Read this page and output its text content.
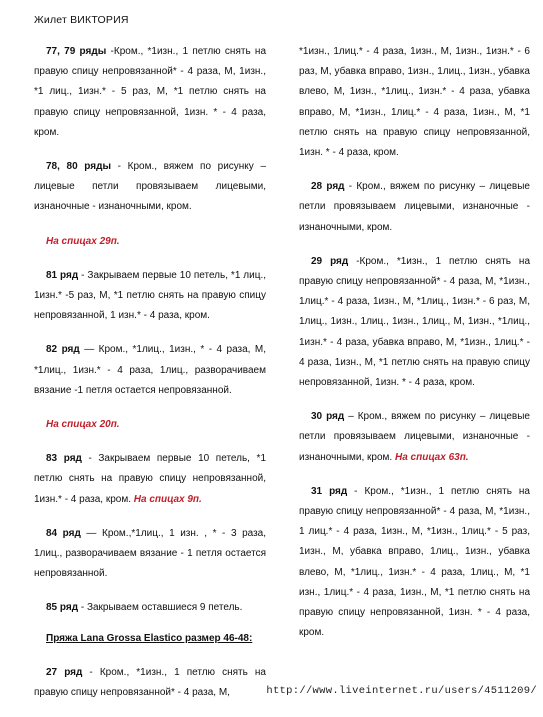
Жилет ВИКТОРИЯ

77, 79 ряды -Кром., *1изн., 1 петлю снять на правую спицу непровязанной* - 4 раза, М, 1изн., *1 лиц., 1изн.* - 5 раз, М, *1 петлю снять на правую спицу непровязанной, 1изн. * - 4 раза, кром.

78, 80 ряды - Кром., вяжем по рисунку – лицевые петли провязываем лицевыми, изнаночные - изнаночными, кром.

На спицах 29п.

81 ряд - Закрываем первые 10 петель, *1 лиц., 1изн.* -5 раз, М, *1 петлю снять на правую спицу непровязанной, 1 изн.* - 4 раза, кром.

82 ряд — Кром., *1лиц., 1изн., * - 4 раза, М, *1лиц., 1изн.* - 4 раза, 1лиц., разворачиваем вязание -1 петля остается непровязанной.

На спицах 20п.

83 ряд - Закрываем первые 10 петель, *1 петлю снять на правую спицу непровязанной, 1изн.* - 4 раза, кром. На спицах 9п.

84 ряд — Кром.,*1лиц., 1 изн. , * - 3 раза, 1лиц., разворачиваем вязание - 1 петля остается непровязанной.

85 ряд - Закрываем оставшиеся 9 петель.

Пряжа Lana Grossa Elastico размер 46-48:

27 ряд - Кром., *1изн., 1 петлю снять на правую спицу непровязанной* - 4 раза, М,

*1изн., 1лиц.* - 4 раза, 1изн., М, 1изн., 1изн.* - 6 раз, М, убавка вправо, 1изн., 1лиц., 1изн., убавка влево, М, 1изн., *1лиц., 1изн.* - 4 раза, убавка вправо, М, *1изн., 1лиц.* - 4 раза, 1изн., М, *1 петлю снять на правую спицу непровязанной, 1изн. * - 4 раза, кром.

28 ряд - Кром., вяжем по рисунку – лицевые петли провязываем лицевыми, изнаночные - изнаночными, кром.

29 ряд -Кром., *1изн., 1 петлю снять на правую спицу непровязанной* - 4 раза, М, *1изн., 1лиц.* - 4 раза, 1изн., М, *1лиц., 1изн.* - 6 раз, М, 1лиц., 1изн., 1лиц., 1изн., 1лиц., М, 1изн., *1лиц., 1изн.* - 4 раза, убавка вправо, М, *1изн., 1лиц.* - 4 раза, 1изн., М, *1 петлю снять на правую спицу непровязанной, 1изн. * - 4 раза, кром.

30 ряд – Кром., вяжем по рисунку – лицевые петли провязываем лицевыми, изнаночные - изнаночными, кром. На спицах 63п.

31 ряд - Кром., *1изн., 1 петлю снять на правую спицу непровязанной* - 4 раза, М, *1изн., 1 лиц.* - 4 раза, 1изн., М, *1изн., 1лиц.* - 5 раз, 1изн., М, убавка вправо, 1лиц., 1изн., убавка влево, М, *1лиц., 1изн.* - 4 раза, 1лиц., М, *1 изн., 1лиц.* - 4 раза, 1изн., М, *1 петлю снять на правую спицу непровязанной, 1изн. * - 4 раза, кром.

http://www.liveinternet.ru/users/4511209/
